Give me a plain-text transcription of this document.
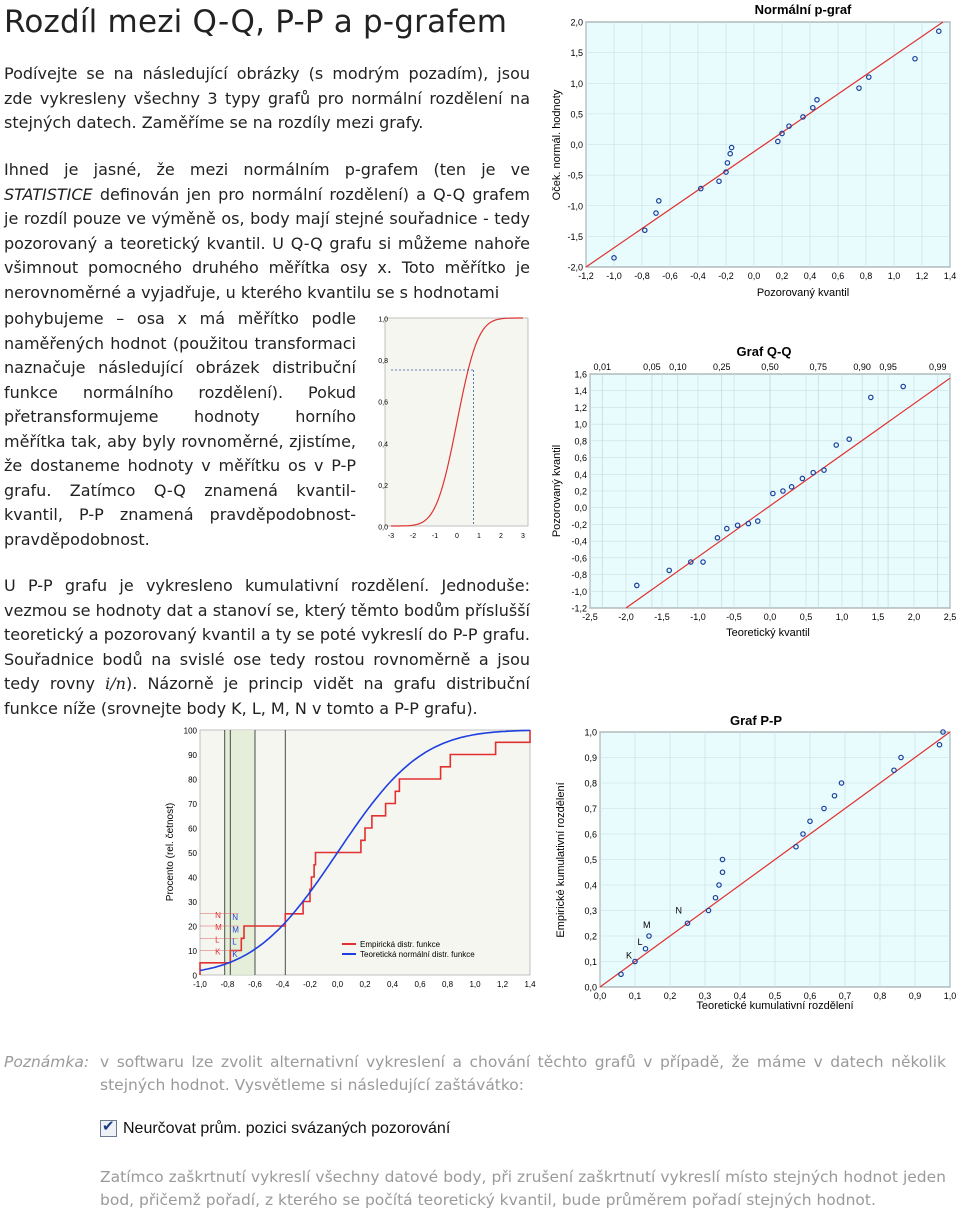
Rozdíl mezi Q-Q, P-P a p-grafem
Podívejte se na následující obrázky (s modrým pozadím), jsou zde vykresleny všechny 3 typy grafů pro normální rozdělení na stejných datech. Zaměříme se na rozdíly mezi grafy.
Ihned je jasné, že mezi normálním p-grafem (ten je ve STATISTICE definován jen pro normální rozdělení) a Q-Q grafem je rozdíl pouze ve výměně os, body mají stejné souřadnice - tedy pozorovaný a teoretický kvantil. U Q-Q grafu si můžeme nahoře všimnout pomocného druhého měřítka osy x. Toto měřítko je nerovnoměrné a vyjadřuje, u kterého kvantilu se s hodnotami
pohybujeme – osa x má měřítko podle naměřených hodnot (použitou transformaci naznačuje následující obrázek distribuční funkce normálního rozdělení). Pokud přetransformujeme hodnoty horního měřítka tak, aby byly rovnoměrné, zjistíme, že dostaneme hodnoty v měřítku os v P-P grafu. Zatímco Q-Q znamená kvantil-kvantil, P-P znamená pravděpodobnost-pravděpodobnost.
U P-P grafu je vykresleno kumulativní rozdělení. Jednoduše: vezmou se hodnoty dat a stanoví se, který těmto bodům příslušší teoretický a pozorovaný kvantil a ty se poté vykreslí do P-P grafu. Souřadnice bodů na svislé ose tedy rostou rovnoměrně a jsou tedy rovny i/n). Názorně je princip vidět na grafu distribuční funkce níže (srovnejte body K, L, M, N v tomto a P-P grafu).
Poznámka: v softwaru lze zvolit alternativní vykreslení a chování těchto grafů v případě, že máme v datech několik stejných hodnot. Vysvětleme si následující zaštávátko:
✔ Neurčovat prům. pozici svázaných pozorování
Zatímco zaškrtnutí vykreslí všechny datové body, při zrušení zaškrtnutí vykreslí místo stejných hodnot jeden bod, přičemž pořadí, z kterého se počítá teoretický kvantil, bude průměrem pořadí stejných hodnot.
Normální p-graf
-2,0
-1,5
-1,0
-0,5
0,0
0,5
1,0
1,5
2,0
-1,2 -1,0 -0,8 -0,6 -0,4 -0,2 0,0 0,2 0,4 0,6 0,8 1,0 1,2 1,4
Pozorovaný kvantil
Oček. normál. hodnoty
0,0
0,2
0,4
0,6
0,8
1,0
-3 -2 -1 0	1	2	3
Graf Q-Q
-1,2
-1,0
-0,8
-0,6
-0,4
-0,2
0,0
0,2
0,4
0,6
0,8
1,0
1,2
1,4
1,6
-2,5 -2,0 -1,5 -1,0 -0,5 0,0	0,5	1,0	1,5	2,0	2,5
0,01	0,05 0,10	0,25	0,50	0,75	0,90 0,95	0,99
Teoretický kvantil
Pozorovaný kvantil
0
10
20
30
40
50
60
70
80
90
100
-1,0 -0,8 -0,6 -0,4 -0,2 0,0 0,2 0,4 0,6 0,8 1,0 1,2 1,4
K K
L L
M M
N N
Procento (rel. četnost)
Empirická distr. funkce
Teoretická normální distr. funkce
Graf P-P
0,0
0,1
0,2
0,3
0,4
0,5
0,6
0,7
0,8
0,9
1,0
0,0 0,1 0,2 0,3 0,4 0,5 0,6 0,7 0,8 0,9 1,0
K
L
M
N
Teoretické kumulativní rozdělení
Empirické kumulativní rozdělení
